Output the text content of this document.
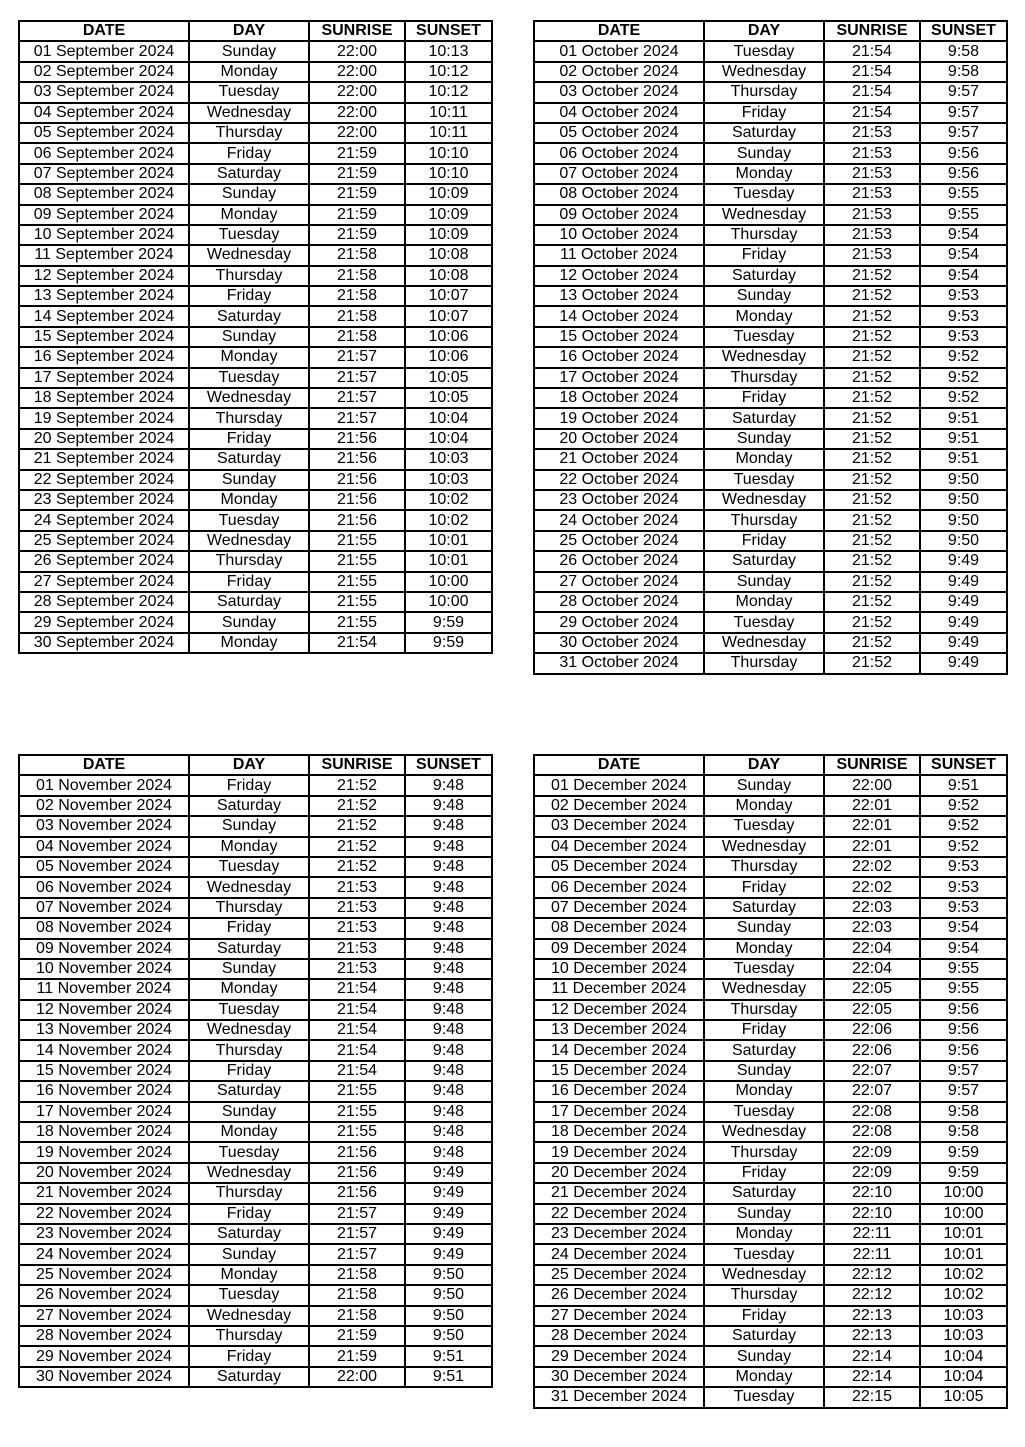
DATE	DAY	SUNRISE	SUNSET
01 September 2024	Sunday	22:00	10:13
02 September 2024	Monday	22:00	10:12
03 September 2024	Tuesday	22:00	10:12
04 September 2024	Wednesday	22:00	10:11
05 September 2024	Thursday	22:00	10:11
06 September 2024	Friday	21:59	10:10
07 September 2024	Saturday	21:59	10:10
08 September 2024	Sunday	21:59	10:09
09 September 2024	Monday	21:59	10:09
10 September 2024	Tuesday	21:59	10:09
11 September 2024	Wednesday	21:58	10:08
12 September 2024	Thursday	21:58	10:08
13 September 2024	Friday	21:58	10:07
14 September 2024	Saturday	21:58	10:07
15 September 2024	Sunday	21:58	10:06
16 September 2024	Monday	21:57	10:06
17 September 2024	Tuesday	21:57	10:05
18 September 2024	Wednesday	21:57	10:05
19 September 2024	Thursday	21:57	10:04
20 September 2024	Friday	21:56	10:04
21 September 2024	Saturday	21:56	10:03
22 September 2024	Sunday	21:56	10:03
23 September 2024	Monday	21:56	10:02
24 September 2024	Tuesday	21:56	10:02
25 September 2024	Wednesday	21:55	10:01
26 September 2024	Thursday	21:55	10:01
27 September 2024	Friday	21:55	10:00
28 September 2024	Saturday	21:55	10:00
29 September 2024	Sunday	21:55	9:59
30 September 2024	Monday	21:54	9:59
DATE	DAY	SUNRISE	SUNSET
01 October 2024	Tuesday	21:54	9:58
02 October 2024	Wednesday	21:54	9:58
03 October 2024	Thursday	21:54	9:57
04 October 2024	Friday	21:54	9:57
05 October 2024	Saturday	21:53	9:57
06 October 2024	Sunday	21:53	9:56
07 October 2024	Monday	21:53	9:56
08 October 2024	Tuesday	21:53	9:55
09 October 2024	Wednesday	21:53	9:55
10 October 2024	Thursday	21:53	9:54
11 October 2024	Friday	21:53	9:54
12 October 2024	Saturday	21:52	9:54
13 October 2024	Sunday	21:52	9:53
14 October 2024	Monday	21:52	9:53
15 October 2024	Tuesday	21:52	9:53
16 October 2024	Wednesday	21:52	9:52
17 October 2024	Thursday	21:52	9:52
18 October 2024	Friday	21:52	9:52
19 October 2024	Saturday	21:52	9:51
20 October 2024	Sunday	21:52	9:51
21 October 2024	Monday	21:52	9:51
22 October 2024	Tuesday	21:52	9:50
23 October 2024	Wednesday	21:52	9:50
24 October 2024	Thursday	21:52	9:50
25 October 2024	Friday	21:52	9:50
26 October 2024	Saturday	21:52	9:49
27 October 2024	Sunday	21:52	9:49
28 October 2024	Monday	21:52	9:49
29 October 2024	Tuesday	21:52	9:49
30 October 2024	Wednesday	21:52	9:49
31 October 2024	Thursday	21:52	9:49
DATE	DAY	SUNRISE	SUNSET
01 November 2024	Friday	21:52	9:48
02 November 2024	Saturday	21:52	9:48
03 November 2024	Sunday	21:52	9:48
04 November 2024	Monday	21:52	9:48
05 November 2024	Tuesday	21:52	9:48
06 November 2024	Wednesday	21:53	9:48
07 November 2024	Thursday	21:53	9:48
08 November 2024	Friday	21:53	9:48
09 November 2024	Saturday	21:53	9:48
10 November 2024	Sunday	21:53	9:48
11 November 2024	Monday	21:54	9:48
12 November 2024	Tuesday	21:54	9:48
13 November 2024	Wednesday	21:54	9:48
14 November 2024	Thursday	21:54	9:48
15 November 2024	Friday	21:54	9:48
16 November 2024	Saturday	21:55	9:48
17 November 2024	Sunday	21:55	9:48
18 November 2024	Monday	21:55	9:48
19 November 2024	Tuesday	21:56	9:48
20 November 2024	Wednesday	21:56	9:49
21 November 2024	Thursday	21:56	9:49
22 November 2024	Friday	21:57	9:49
23 November 2024	Saturday	21:57	9:49
24 November 2024	Sunday	21:57	9:49
25 November 2024	Monday	21:58	9:50
26 November 2024	Tuesday	21:58	9:50
27 November 2024	Wednesday	21:58	9:50
28 November 2024	Thursday	21:59	9:50
29 November 2024	Friday	21:59	9:51
30 November 2024	Saturday	22:00	9:51
DATE	DAY	SUNRISE	SUNSET
01 December 2024	Sunday	22:00	9:51
02 December 2024	Monday	22:01	9:52
03 December 2024	Tuesday	22:01	9:52
04 December 2024	Wednesday	22:01	9:52
05 December 2024	Thursday	22:02	9:53
06 December 2024	Friday	22:02	9:53
07 December 2024	Saturday	22:03	9:53
08 December 2024	Sunday	22:03	9:54
09 December 2024	Monday	22:04	9:54
10 December 2024	Tuesday	22:04	9:55
11 December 2024	Wednesday	22:05	9:55
12 December 2024	Thursday	22:05	9:56
13 December 2024	Friday	22:06	9:56
14 December 2024	Saturday	22:06	9:56
15 December 2024	Sunday	22:07	9:57
16 December 2024	Monday	22:07	9:57
17 December 2024	Tuesday	22:08	9:58
18 December 2024	Wednesday	22:08	9:58
19 December 2024	Thursday	22:09	9:59
20 December 2024	Friday	22:09	9:59
21 December 2024	Saturday	22:10	10:00
22 December 2024	Sunday	22:10	10:00
23 December 2024	Monday	22:11	10:01
24 December 2024	Tuesday	22:11	10:01
25 December 2024	Wednesday	22:12	10:02
26 December 2024	Thursday	22:12	10:02
27 December 2024	Friday	22:13	10:03
28 December 2024	Saturday	22:13	10:03
29 December 2024	Sunday	22:14	10:04
30 December 2024	Monday	22:14	10:04
31 December 2024	Tuesday	22:15	10:05
